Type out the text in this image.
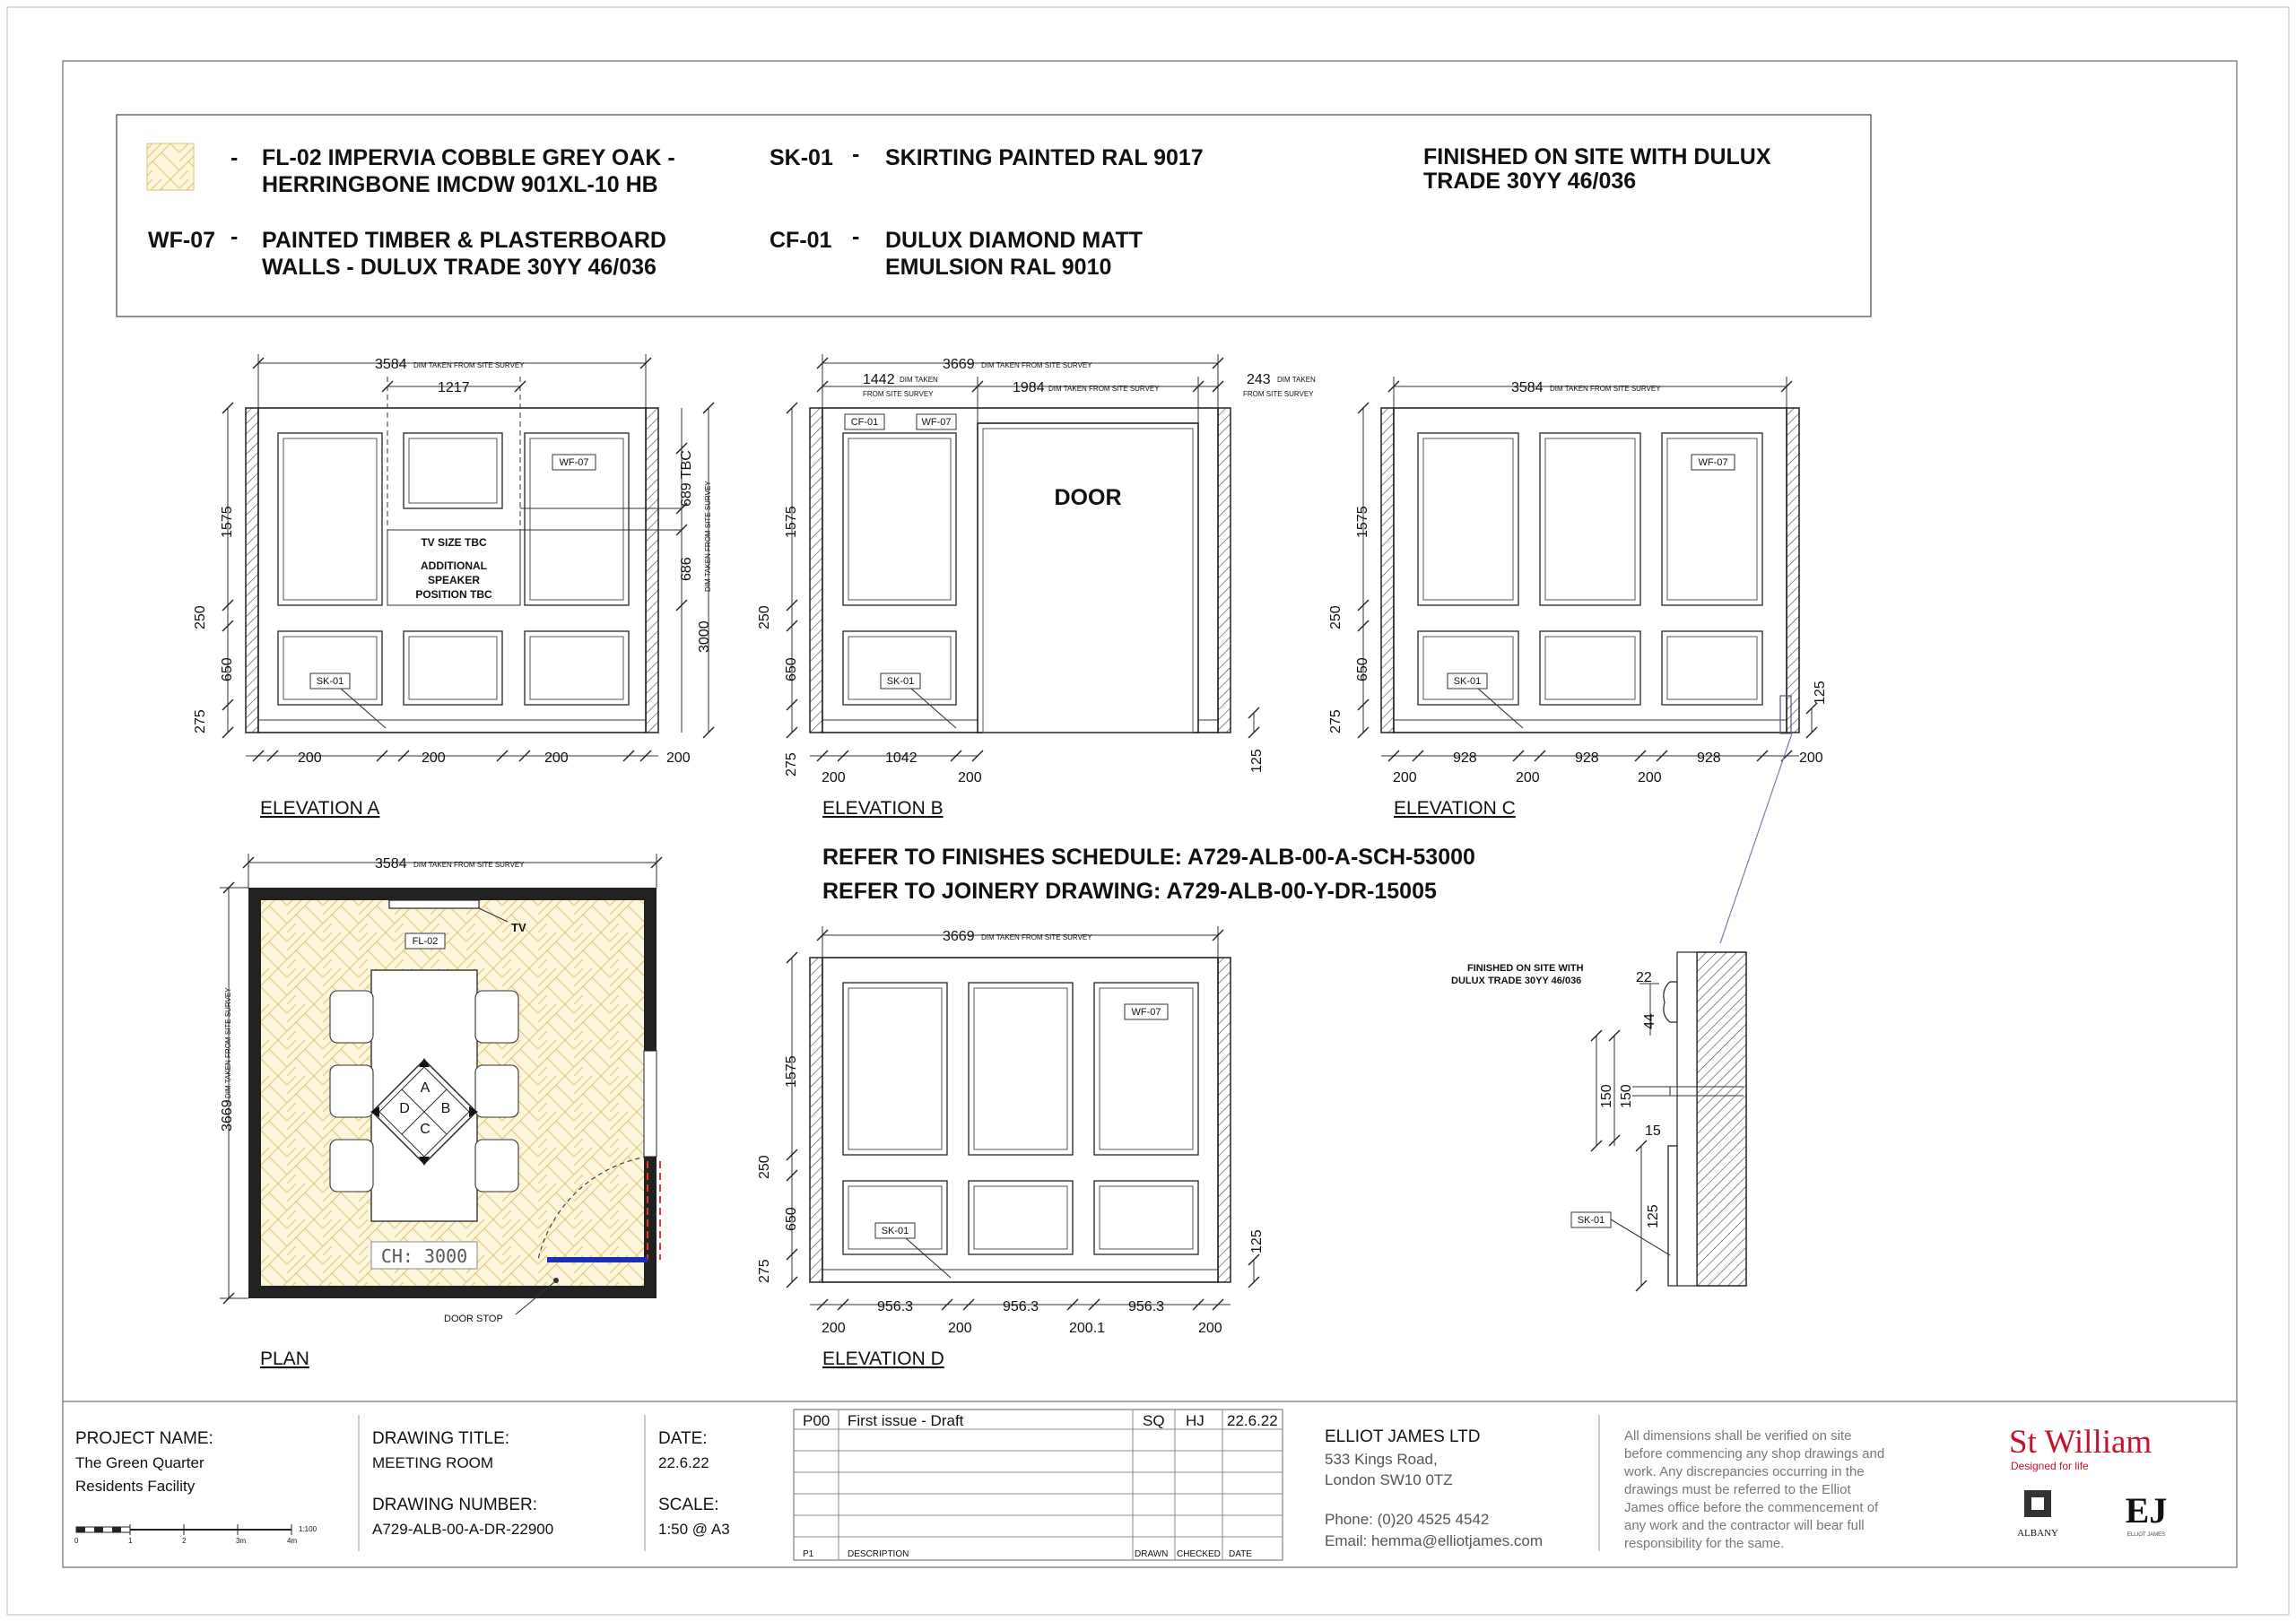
- FL-02 IMPERVIA COBBLE GREY OAK -
HERRINGBONE IMCDW 901XL-10 HB
WF-07 - PAINTED TIMBER & PLASTERBOARD
WALLS - DULUX TRADE 30YY 46/036
SK-01 - SKIRTING PAINTED RAL 9017
CF-01 - DULUX DIAMOND MATT
EMULSION RAL 9010
FINISHED ON SITE WITH DULUX
TRADE 30YY 46/036
TV SIZE TBC
ADDITIONAL
SPEAKER
POSITION TBC
WF-07
SK-01
3584 DIM TAKEN FROM SITE SURVEY
1217
1575
250
650
275
689 TBC
686
3000
DIM TAKEN FROM SITE SURVEY
200	200	200	200
ELEVATION A
DOOR
CF-01	WF-07
SK-01
3669 DIM TAKEN FROM SITE SURVEY
1442 DIM TAKEN
FROM SITE SURVEY	1984 DIM TAKEN FROM SITE SURVEY
243 DIM TAKEN
FROM SITE SURVEY
1575
250
650
275	125
1042
200	200
ELEVATION B
WF-07
SK-01
3584 DIM TAKEN FROM SITE SURVEY
1575
250
650
275
125
928	928	928
200	200	200
200
ELEVATION C
TV
FL-02
A
B
C
D
CH: 3000
DOOR STOP
3584 DIM TAKEN FROM SITE SURVEY
3669
DIM TAKEN FROM SITE SURVEY
PLAN
REFER TO FINISHES SCHEDULE: A729-ALB-00-A-SCH-53000
REFER TO JOINERY DRAWING: A729-ALB-00-Y-DR-15005
WF-07
SK-01
3669 DIM TAKEN FROM SITE SURVEY
1575
250
650
275
125
956.3	956.3	956.3
200	200	200.1	200
ELEVATION D
FINISHED ON SITE WITH
DULUX TRADE 30YY 46/036	22
44
150 150
15
125
SK-01
PROJECT NAME:
The Green Quarter
Residents Facility
0	1	2	3m	4m
1:100
DRAWING TITLE:
MEETING ROOM
DRAWING NUMBER:
A729-ALB-00-A-DR-22900
DATE:
22.6.22
SCALE:
1:50 @ A3
P00 First issue - Draft	SQ HJ 22.6.22
P1	DESCRIPTION	DRAWN CHECKED DATE
ELLIOT JAMES LTD
533 Kings Road,
London SW10 0TZ
Phone: (0)20 4525 4542
Email: hemma@elliotjames.com
All dimensions shall be verified on site
before commencing any shop drawings and
work. Any discrepancies occurring in the
drawings must be referred to the Elliot
James office before the commencement of
any work and the contractor will bear full
responsibility for the same.
St William
Designed for life
ALBANY
EJ
ELLIOT JAMES
